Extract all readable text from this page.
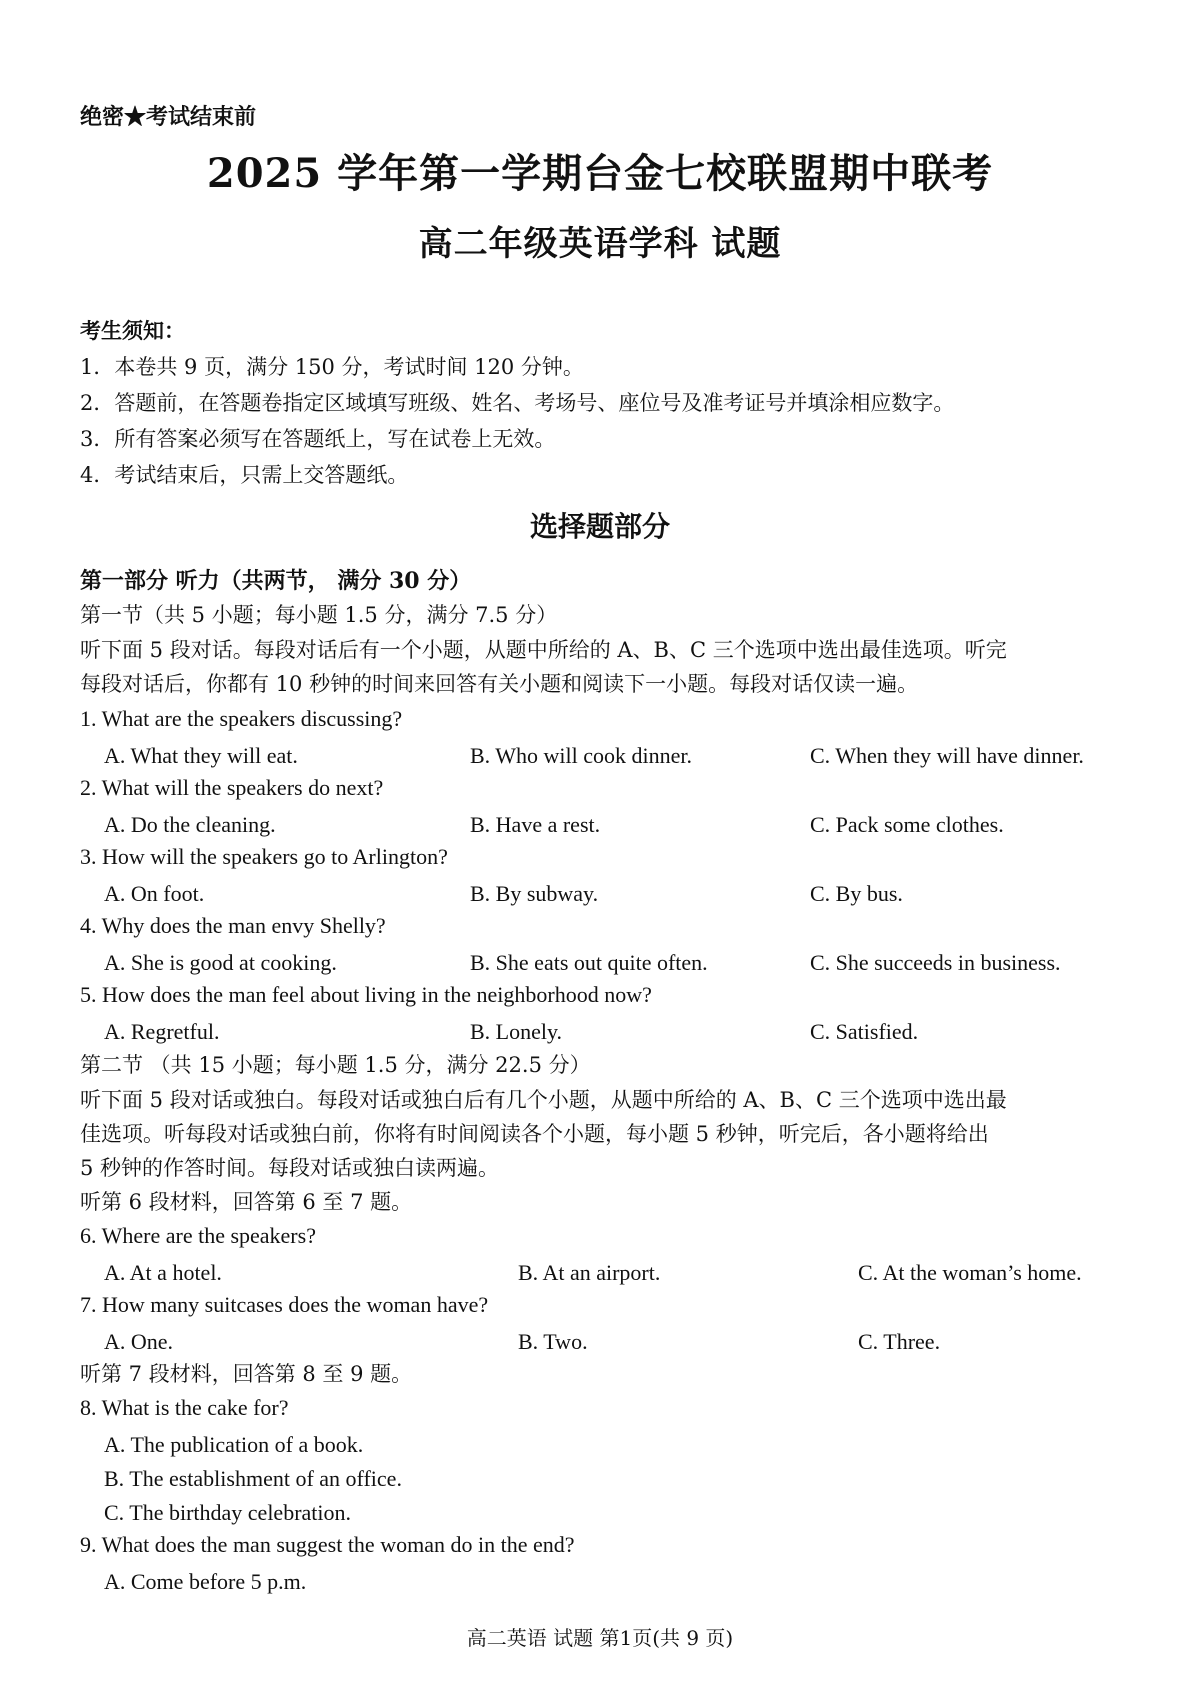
绝密★考试结束前
2025 学年第一学期台金七校联盟期中联考
高二年级英语学科 试题
考生须知：
1．本卷共 9 页，满分 150 分，考试时间 120 分钟。
2．答题前，在答题卷指定区域填写班级、姓名、考场号、座位号及准考证号并填涂相应数字。
3．所有答案必须写在答题纸上，写在试卷上无效。
4．考试结束后，只需上交答题纸。
选择题部分
第一部分 听力（共两节， 满分 30 分）
第一节（共 5 小题；每小题 1.5 分，满分 7.5 分）
听下面 5 段对话。每段对话后有一个小题，从题中所给的 A、B、C 三个选项中选出最佳选项。听完
每段对话后，你都有 10 秒钟的时间来回答有关小题和阅读下一小题。每段对话仅读一遍。
1. What are the speakers discussing?
A. What they will eat.	B. Who will cook dinner.	C. When they will have dinner.
2. What will the speakers do next?
A. Do the cleaning.	B. Have a rest.	C. Pack some clothes.
3. How will the speakers go to Arlington?
A. On foot.	B. By subway.	C. By bus.
4. Why does the man envy Shelly?
A. She is good at cooking.	B. She eats out quite often.	C. She succeeds in business.
5. How does the man feel about living in the neighborhood now?
A. Regretful.	B. Lonely.	C. Satisfied.
第二节 （共 15 小题；每小题 1.5 分，满分 22.5 分）
听下面 5 段对话或独白。每段对话或独白后有几个小题，从题中所给的 A、B、C 三个选项中选出最
佳选项。听每段对话或独白前，你将有时间阅读各个小题，每小题 5 秒钟，听完后，各小题将给出
5 秒钟的作答时间。每段对话或独白读两遍。
听第 6 段材料，回答第 6 至 7 题。
6. Where are the speakers?
A. At a hotel.	B. At an airport.	C. At the woman’s home.
7. How many suitcases does the woman have?
A. One.	B. Two.	C. Three.
听第 7 段材料，回答第 8 至 9 题。
8. What is the cake for?
A. The publication of a book.
B. The establishment of an office.
C. The birthday celebration.
9. What does the man suggest the woman do in the end?
A. Come before 5 p.m.
高二英语 试题 第1页(共 9 页)
